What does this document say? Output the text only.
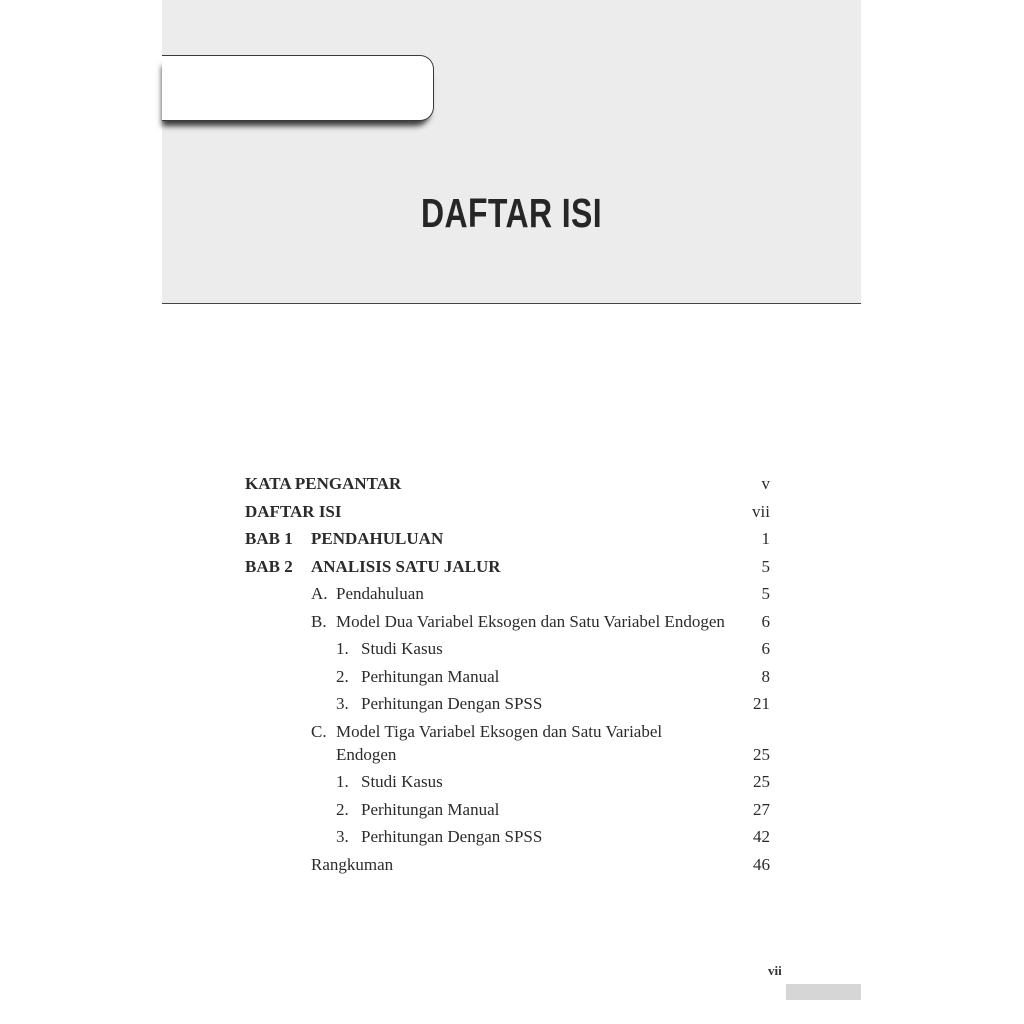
DAFTAR ISI
KATA PENGANTAR	v
DAFTAR ISI	vii
BAB 1 PENDAHULUAN	1
BAB 2 ANALISIS SATU JALUR	5
A. Pendahuluan	5
B. Model Dua Variabel Eksogen dan Satu Variabel Endogen 6
1. Studi Kasus	6
2. Perhitungan Manual	8
3. Perhitungan Dengan SPSS	21
C. Model Tiga Variabel Eksogen dan Satu Variabel
Endogen	25
1. Studi Kasus	25
2. Perhitungan Manual	27
3. Perhitungan Dengan SPSS	42
Rangkuman	46
vii
